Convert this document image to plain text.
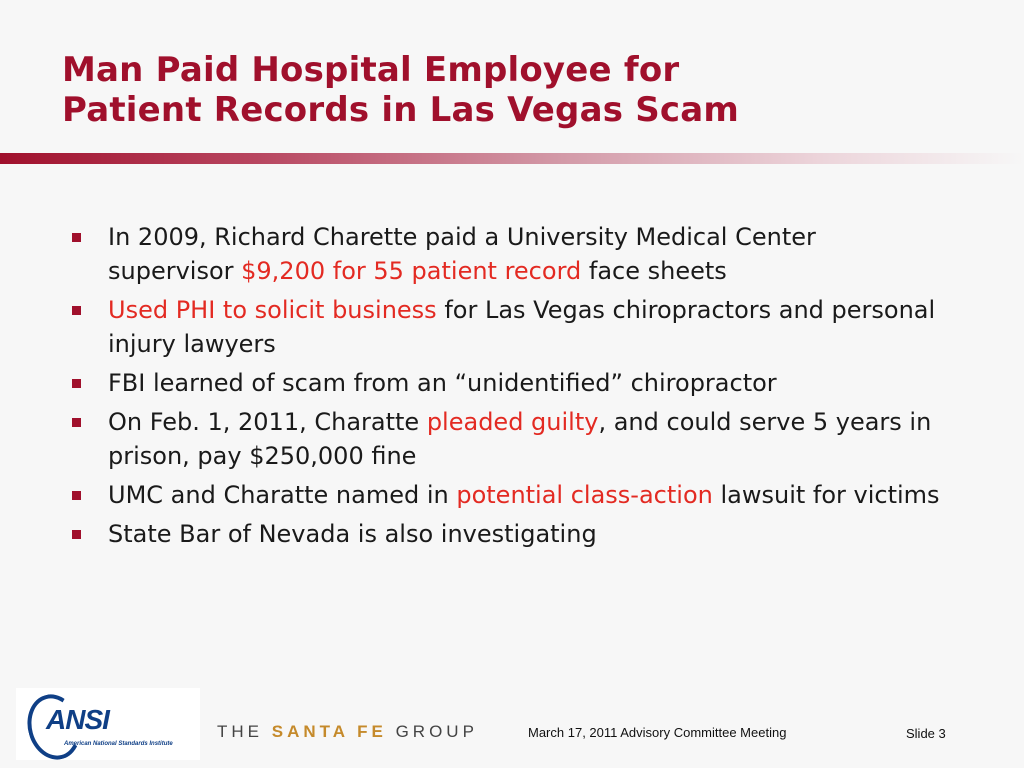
Man Paid Hospital Employee for
Patient Records in Las Vegas Scam
In 2009, Richard Charette paid a University Medical Center supervisor $9,200 for 55 patient record face sheets
Used PHI to solicit business for Las Vegas chiropractors and personal injury lawyers
FBI learned of scam from an “unidentified” chiropractor
On Feb. 1, 2011, Charatte pleaded guilty, and could serve 5 years in prison, pay $250,000 fine
UMC and Charatte named in potential class-action lawsuit for victims
State Bar of Nevada is also investigating
ANSI
American National Standards Institute
THE SANTA FE GROUP	March 17, 2011 Advisory Committee Meeting	Slide 3
